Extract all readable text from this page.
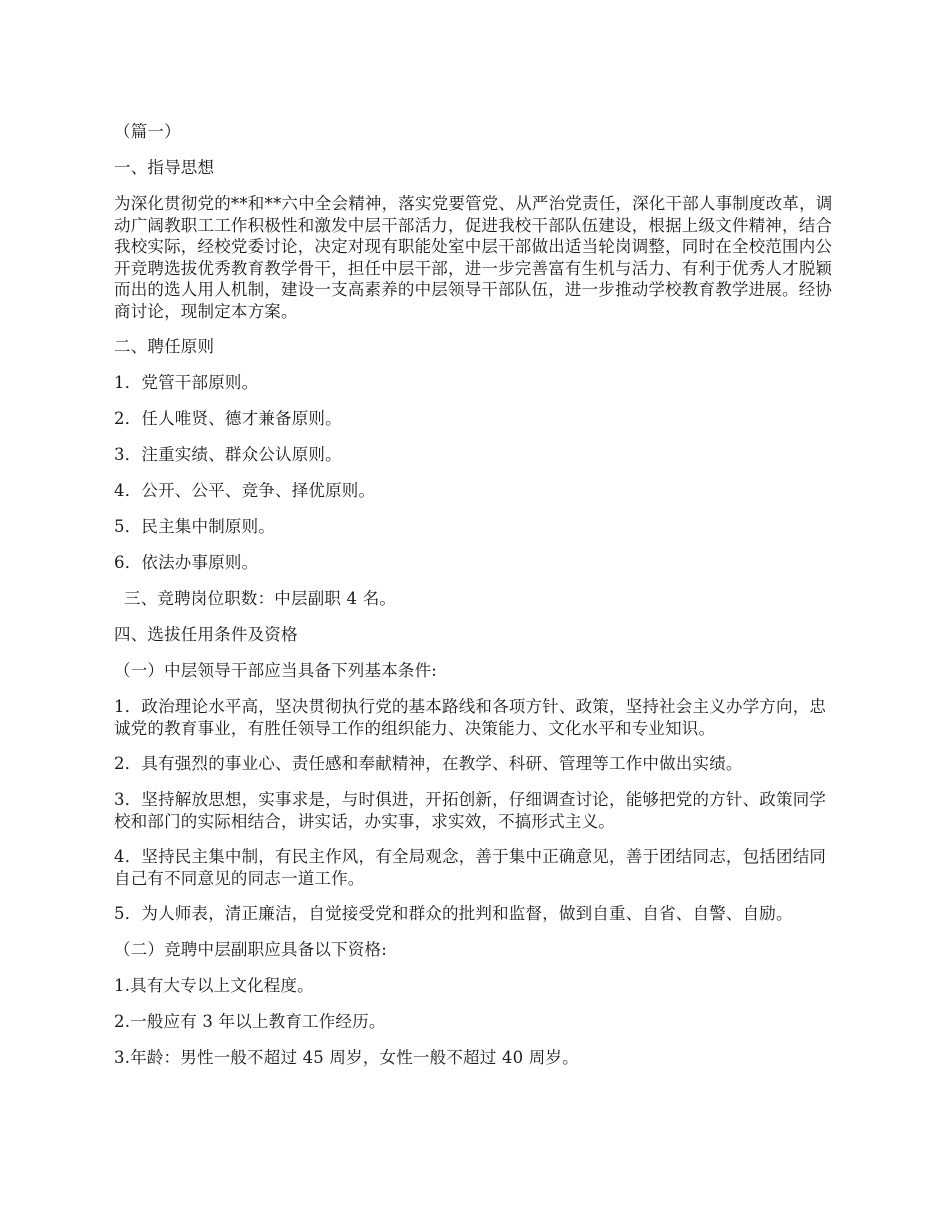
（篇一）

一、指导思想

为深化贯彻党的**和**六中全会精神，落实党要管党、从严治党责任，深化干部人事制度改革，调动广阔教职工工作积极性和激发中层干部活力，促进我校干部队伍建设，根据上级文件精神，结合我校实际，经校党委讨论，决定对现有职能处室中层干部做出适当轮岗调整，同时在全校范围内公开竞聘选拔优秀教育教学骨干，担任中层干部，进一步完善富有生机与活力、有利于优秀人才脱颖而出的选人用人机制，建设一支高素养的中层领导干部队伍，进一步推动学校教育教学进展。经协商讨论，现制定本方案。

二、聘任原则

1．党管干部原则。

2．任人唯贤、德才兼备原则。

3．注重实绩、群众公认原则。

4．公开、公平、竞争、择优原则。

5．民主集中制原则。

6．依法办事原则。

三、竞聘岗位职数：中层副职 4 名。

四、选拔任用条件及资格

（一）中层领导干部应当具备下列基本条件:

1．政治理论水平高，坚决贯彻执行党的基本路线和各项方针、政策，坚持社会主义办学方向，忠诚党的教育事业，有胜任领导工作的组织能力、决策能力、文化水平和专业知识。

2．具有强烈的事业心、责任感和奉献精神，在教学、科研、管理等工作中做出实绩。

3．坚持解放思想，实事求是，与时俱进，开拓创新，仔细调查讨论，能够把党的方针、政策同学校和部门的实际相结合，讲实话，办实事，求实效，不搞形式主义。

4．坚持民主集中制，有民主作风，有全局观念，善于集中正确意见，善于团结同志，包括团结同自己有不同意见的同志一道工作。

5．为人师表，清正廉洁，自觉接受党和群众的批判和监督，做到自重、自省、自警、自励。

（二）竞聘中层副职应具备以下资格:

1.具有大专以上文化程度。

2.一般应有 3 年以上教育工作经历。

3.年龄：男性一般不超过 45 周岁，女性一般不超过 40 周岁。
